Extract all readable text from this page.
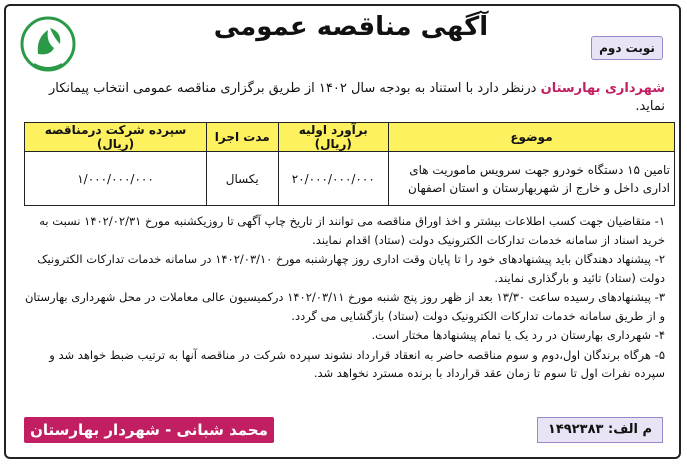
آگهی مناقصه عمومی
نوبت دوم
شهرداری بهارستان درنظر دارد با استناد به بودجه سال ۱۴۰۲ از طریق برگزاری مناقصه عمومی انتخاب پیمانکار نماید.
موضوع	برآورد اولیه (ریال)	مدت اجرا	سپرده شرکت درمناقصه (ریال)
تامین ۱۵ دستگاه خودرو جهت سرویس ماموریت های اداری داخل و خارج از شهربهارستان و استان اصفهان	۲۰/۰۰۰/۰۰۰/۰۰۰	یکسال	۱/۰۰۰/۰۰۰/۰۰۰

۱- متقاضیان جهت کسب اطلاعات بیشتر و اخذ اوراق مناقصه می توانند از تاریخ چاپ آگهی تا روزیکشنبه مورخ ۱۴۰۲/۰۲/۳۱ نسبت به خرید اسناد از سامانه خدمات تدارکات الکترونیک دولت (ستاد) اقدام نمایند.

۲- پیشنهاد دهندگان باید پیشنهادهای خود را تا پایان وقت اداری روز چهارشنبه مورخ ۱۴۰۲/۰۳/۱۰ در سامانه خدمات تدارکات الکترونیک دولت (ستاد) تائید و بارگذاری نمایند.

۳- پیشنهادهای رسیده ساعت ۱۳/۳۰ بعد از ظهر روز پنج شنبه مورخ ۱۴۰۲/۰۳/۱۱ درکمیسیون عالی معاملات در محل شهرداری بهارستان و از طریق سامانه خدمات تدارکات الکترونیک دولت (ستاد) بازگشایی می گردد.

۴- شهرداری بهارستان در رد یک یا تمام پیشنهادها مختار است.

۵- هرگاه برندگان اول،دوم و سوم مناقصه حاضر به انعقاد قرارداد نشوند سپرده شرکت در مناقصه آنها به ترتیب ضبط خواهد شد و سپرده نفرات اول تا سوم تا زمان عقد قرارداد با برنده مسترد نخواهد شد.

محمد شبانی - شهردار بهارستان	م الف: ۱۴۹۲۳۸۳
